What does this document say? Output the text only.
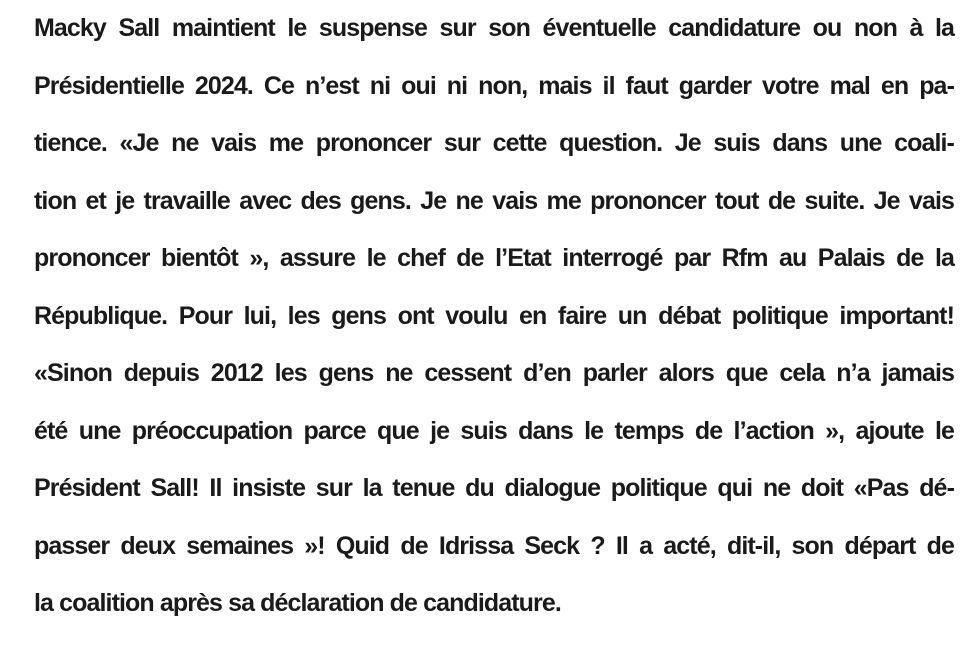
Macky Sall maintient le suspense sur son éventuelle candidature ou non à la
Présidentielle 2024. Ce n’est ni oui ni non, mais il faut garder votre mal en pa-
tience. «Je ne vais me prononcer sur cette question. Je suis dans une coali-
tion et je travaille avec des gens. Je ne vais me prononcer tout de suite. Je vais
prononcer bientôt », assure le chef de l’Etat interrogé par Rfm au Palais de la
République. Pour lui, les gens ont voulu en faire un débat politique important!
«Sinon depuis 2012 les gens ne cessent d’en parler alors que cela n’a jamais
été une préoccupation parce que je suis dans le temps de l’action », ajoute le
Président Sall! Il insiste sur la tenue du dialogue politique qui ne doit «Pas dé-
passer deux semaines »! Quid de Idrissa Seck ? Il a acté, dit-il, son départ de
la coalition après sa déclaration de candidature.
